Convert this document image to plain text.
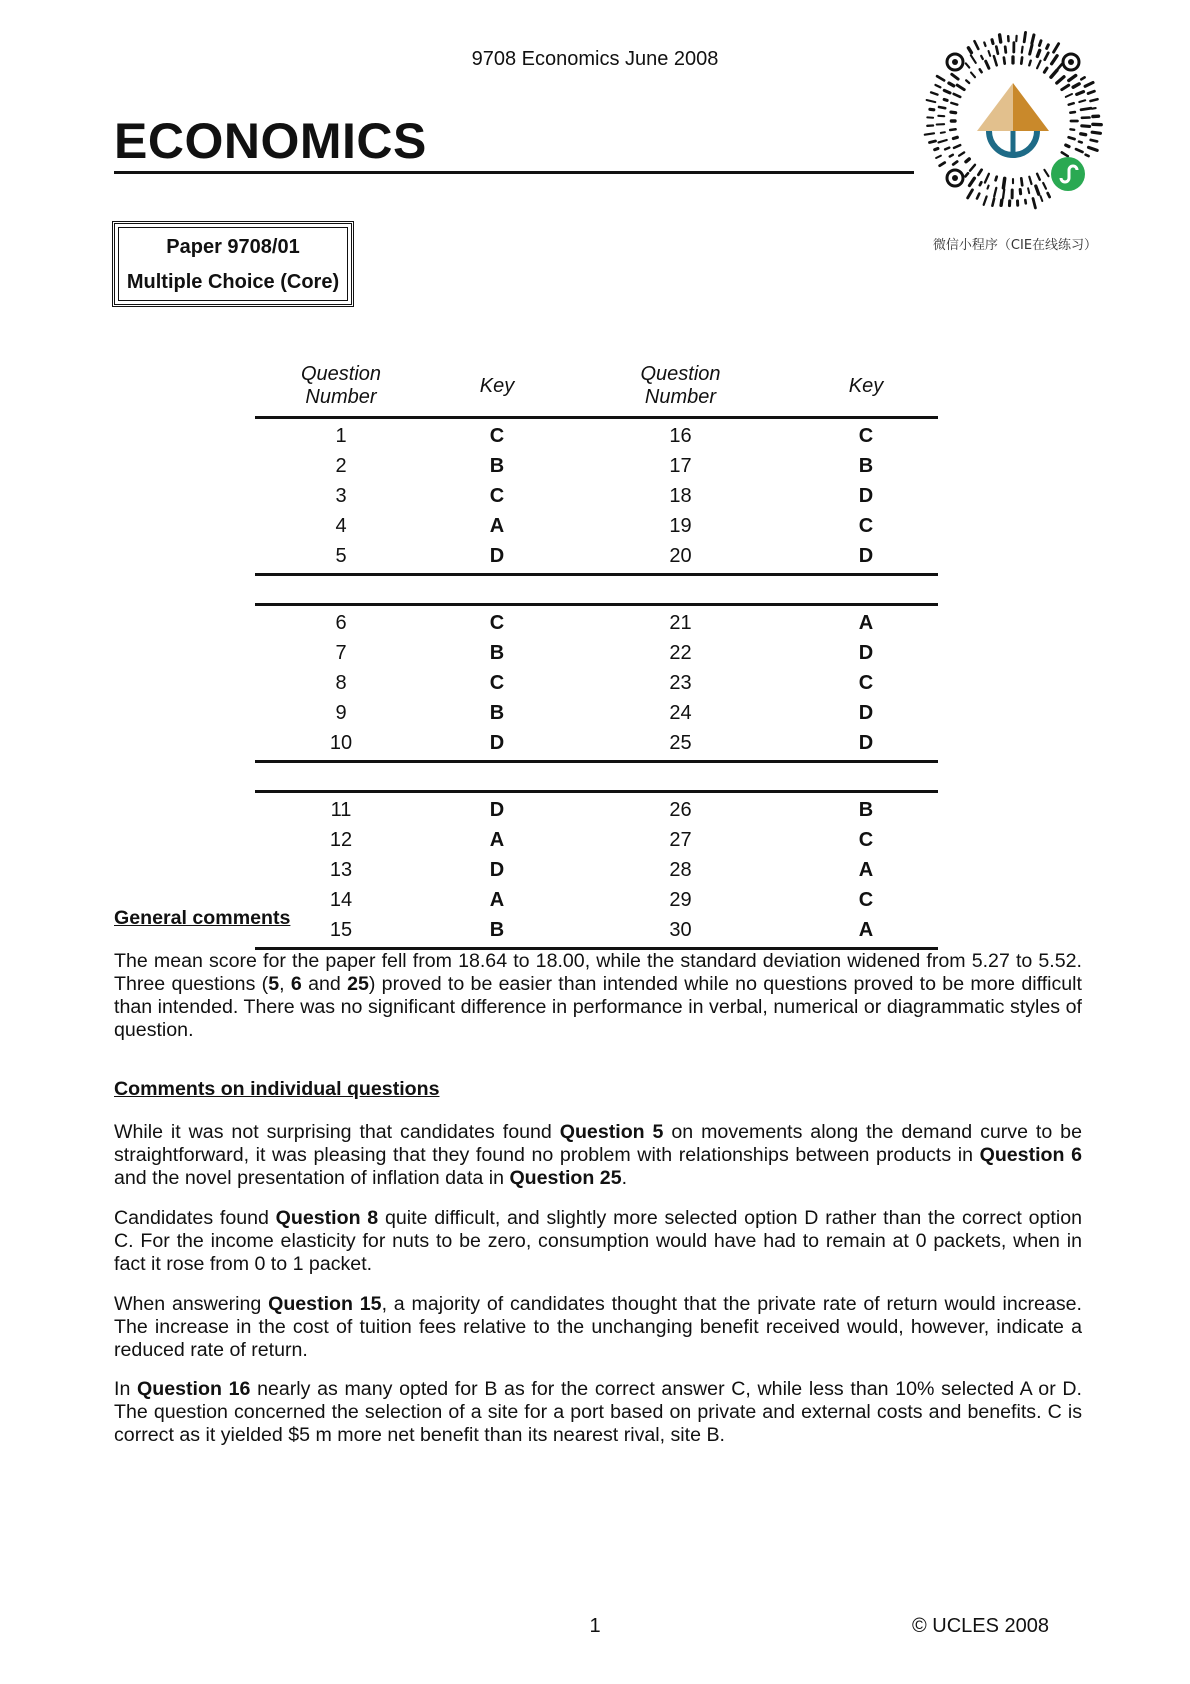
9708 Economics June 2008
ECONOMICS
微信小程序（CIE在线练习）
Paper 9708/01
Multiple Choice (Core)
Question
Number
Key
Question
Number
Key
1	C	16	C
2	B	17	B
3	C	18	D
4	A	19	C
5	D	20	D
6	C	21	A
7	B	22	D
8	C	23	C
9	B	24	D
10	D	25	D
11	D	26	B
12	A	27	C
13	D	28	A
14	A	29	C
15	B	30	A
General comments
The mean score for the paper fell from 18.64 to 18.00, while the standard deviation widened from 5.27 to 5.52. Three questions (5, 6 and 25) proved to be easier than intended while no questions proved to be more difficult than intended. There was no significant difference in performance in verbal, numerical or diagrammatic styles of question.
Comments on individual questions
While it was not surprising that candidates found Question 5 on movements along the demand curve to be straightforward, it was pleasing that they found no problem with relationships between products in Question 6 and the novel presentation of inflation data in Question 25.
Candidates found Question 8 quite difficult, and slightly more selected option D rather than the correct option C. For the income elasticity for nuts to be zero, consumption would have had to remain at 0 packets, when in fact it rose from 0 to 1 packet.
When answering Question 15, a majority of candidates thought that the private rate of return would increase. The increase in the cost of tuition fees relative to the unchanging benefit received would, however, indicate a reduced rate of return.
In Question 16 nearly as many opted for B as for the correct answer C, while less than 10% selected A or D. The question concerned the selection of a site for a port based on private and external costs and benefits. C is correct as it yielded $5 m more net benefit than its nearest rival, site B.
1	© UCLES 2008
